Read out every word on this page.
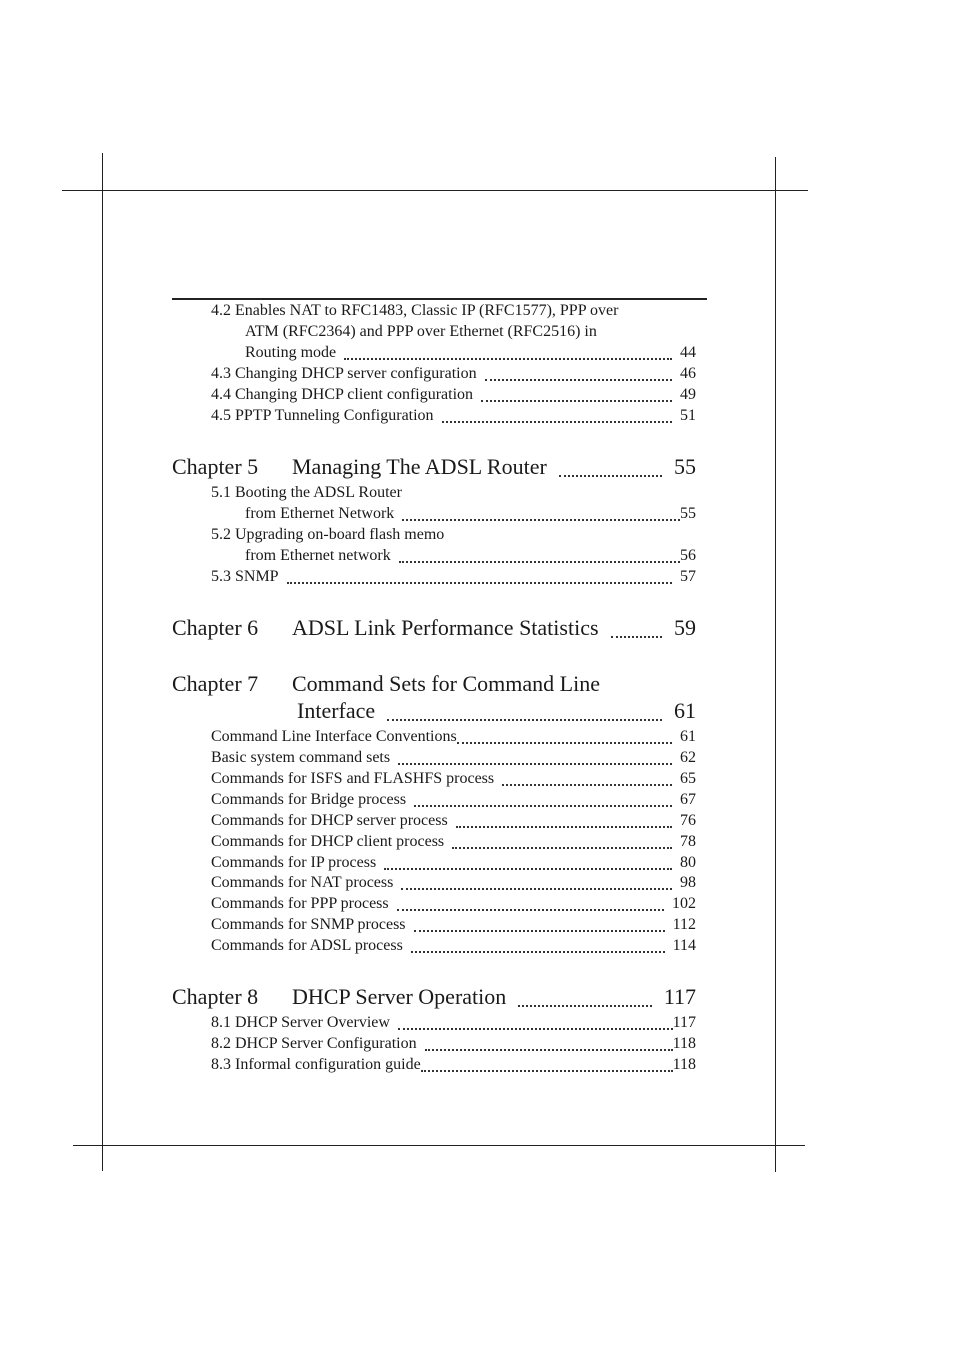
4.2 Enables NAT to RFC1483, Classic IP (RFC1577), PPP over
ATM (RFC2364) and PPP over Ethernet (RFC2516) in
Routing mode	44
4.3 Changing DHCP server configuration	46
4.4 Changing DHCP client configuration	49
4.5 PPTP Tunneling Configuration	51
Chapter 5	Managing The ADSL Router	55
5.1 Booting the ADSL Router
from Ethernet Network	55
5.2 Upgrading on-board flash memo
from Ethernet network	56
5.3 SNMP	57
Chapter 6	ADSL Link Performance Statistics	59
Chapter 7 Command Sets for Command Line
Interface	61
Command Line Interface Conventions	61
Basic system command sets	62
Commands for ISFS and FLASHFS process	65
Commands for Bridge process	67
Commands for DHCP server process	76
Commands for DHCP client process	78
Commands for IP process	80
Commands for NAT process	98
Commands for PPP process	102
Commands for SNMP process	112
Commands for ADSL process	114
Chapter 8	DHCP Server Operation	117
8.1 DHCP Server Overview	117
8.2 DHCP Server Configuration	118
8.3 Informal configuration guide	118
